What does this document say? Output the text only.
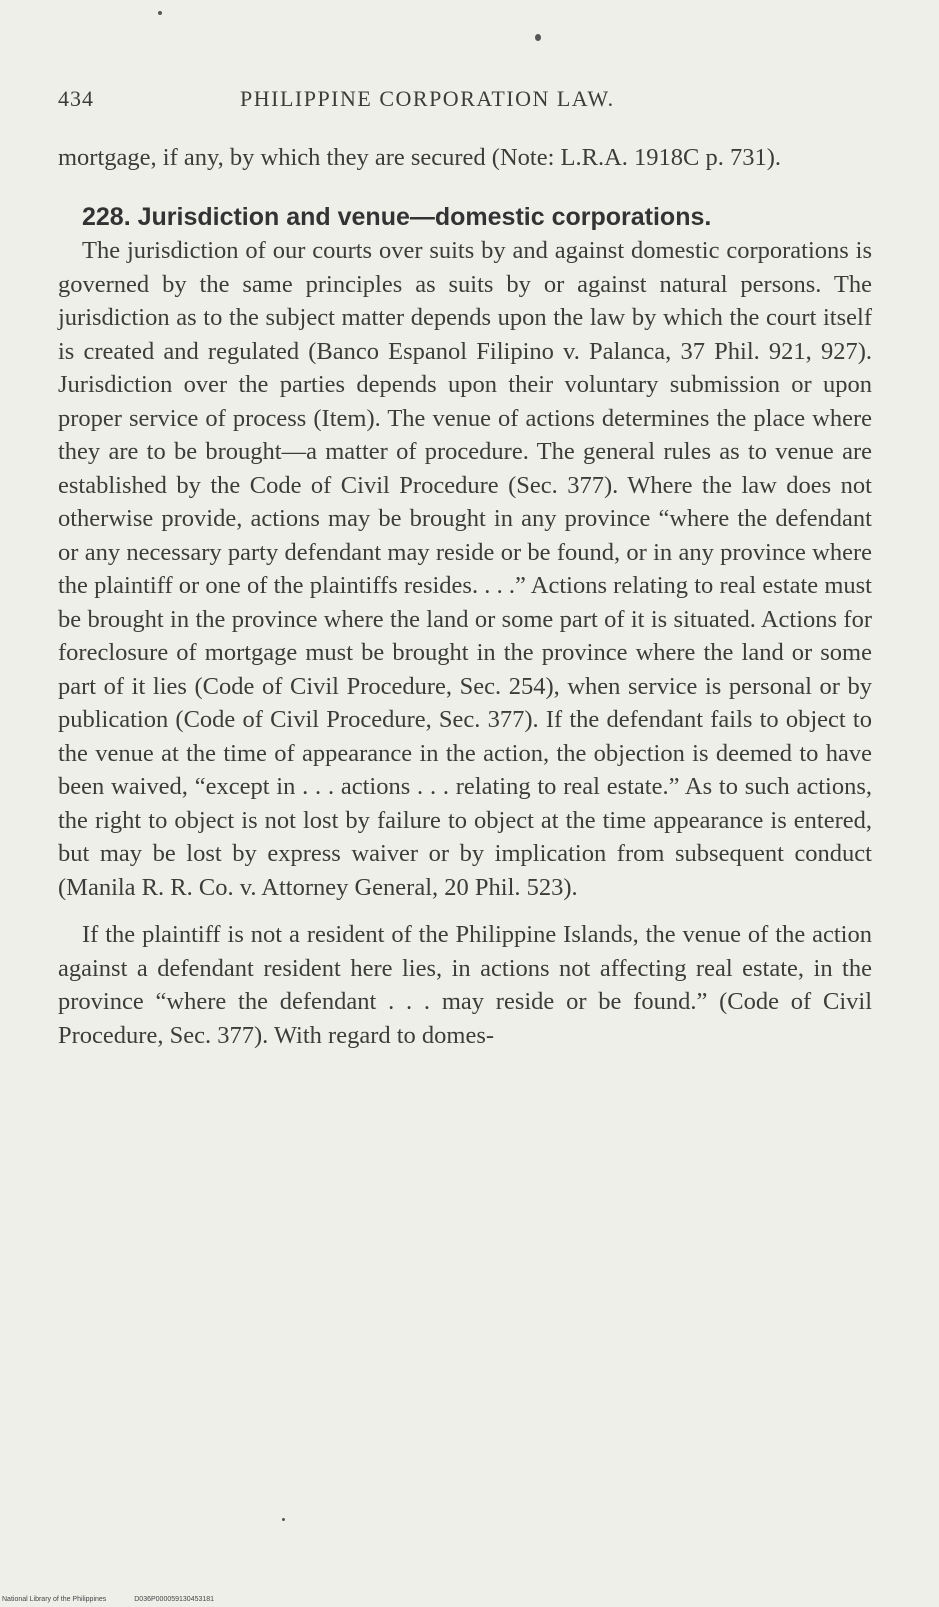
434	PHILIPPINE CORPORATION LAW.

mortgage, if any, by which they are secured (Note: L.R.A. 1918C p. 731).

228. Jurisdiction and venue—domestic corporations.

The jurisdiction of our courts over suits by and against domestic corporations is governed by the same principles as suits by or against natural persons. The jurisdiction as to the subject matter depends upon the law by which the court itself is created and regulated (Banco Espanol Filipino v. Palanca, 37 Phil. 921, 927). Jurisdiction over the parties depends upon their voluntary submission or upon proper service of process (Item). The venue of actions determines the place where they are to be brought—a matter of procedure. The general rules as to venue are established by the Code of Civil Procedure (Sec. 377). Where the law does not otherwise provide, actions may be brought in any province “where the defendant or any necessary party defendant may reside or be found, or in any province where the plaintiff or one of the plaintiffs resides. . . .” Actions relating to real estate must be brought in the province where the land or some part of it is situated. Actions for foreclosure of mortgage must be brought in the province where the land or some part of it lies (Code of Civil Procedure, Sec. 254), when service is personal or by publication (Code of Civil Procedure, Sec. 377). If the defendant fails to object to the venue at the time of appearance in the action, the objection is deemed to have been waived, “except in . . . actions . . . relating to real estate.” As to such actions, the right to object is not lost by failure to object at the time appearance is entered, but may be lost by express waiver or by implication from subsequent conduct (Manila R. R. Co. v. Attorney General, 20 Phil. 523).

If the plaintiff is not a resident of the Philippine Islands, the venue of the action against a defendant resident here lies, in actions not affecting real estate, in the province “where the defendant . . . may reside or be found.” (Code of Civil Procedure, Sec. 377). With regard to domes-

National Library of the Philippines	D036P000059130453181
